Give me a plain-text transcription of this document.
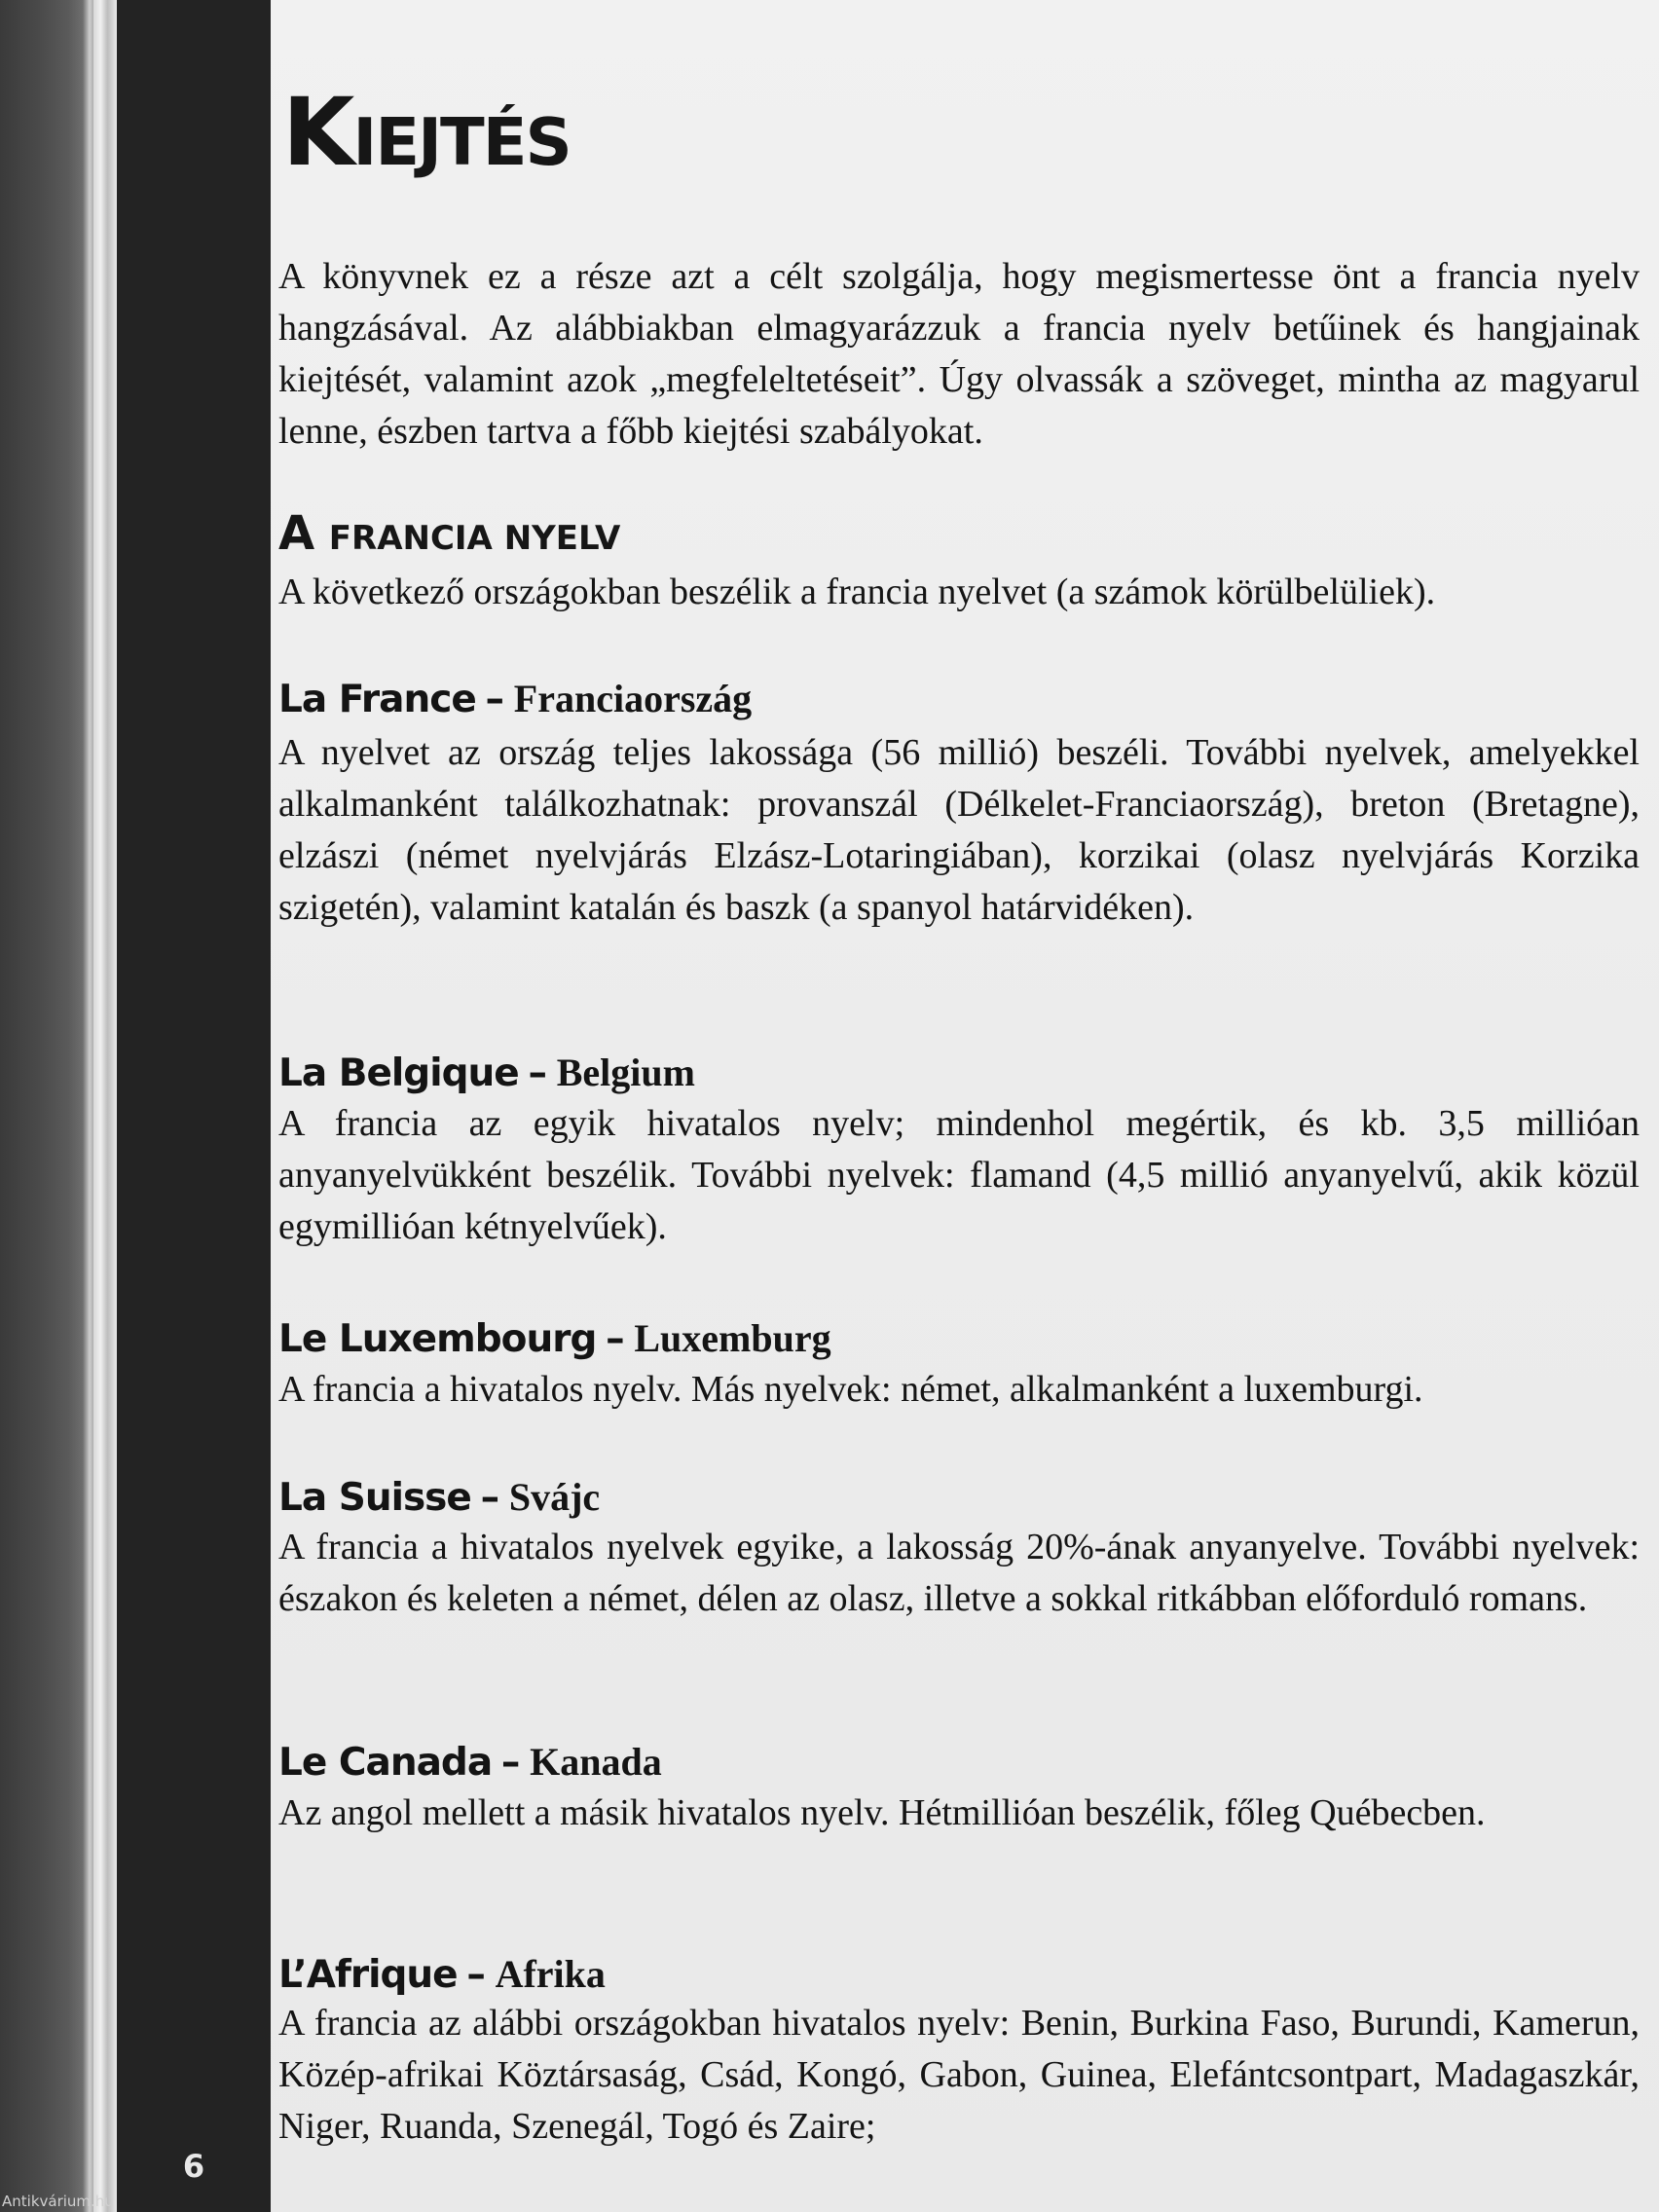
6
Antikvárium.hu
Kiejtés

A könyvnek ez a része azt a célt szolgálja, hogy megismertesse önt a francia nyelv hangzásával. Az alábbiakban elmagyarázzuk a francia nyelv betűinek és hangjainak kiejtését, valamint azok „megfeleltetéseit”. Úgy olvassák a szöveget, mintha az magyarul lenne, észben tartva a főbb kiejtési szabályokat.

A FRANCIA NYELV

A következő országokban beszélik a francia nyelvet (a számok körülbelüliek).

La France – Franciaország

A nyelvet az ország teljes lakossága (56 millió) beszéli. További nyelvek, amelyekkel alkalmanként találkozhatnak: provanszál (Délkelet-Franciaország), breton (Bretagne), elzászi (német nyelvjárás Elzász-Lotaringiában), korzikai (olasz nyelvjárás Korzika szigetén), valamint katalán és baszk (a spanyol határvidéken).

La Belgique – Belgium

A francia az egyik hivatalos nyelv; mindenhol megértik, és kb. 3,5 millióan anyanyelvükként beszélik. További nyelvek: flamand (4,5 millió anyanyelvű, akik közül egymillióan kétnyelvűek).

Le Luxembourg – Luxemburg

A francia a hivatalos nyelv. Más nyelvek: német, alkalmanként a luxemburgi.

La Suisse – Svájc

A francia a hivatalos nyelvek egyike, a lakosság 20%-ának anyanyelve. További nyelvek: északon és keleten a német, délen az olasz, illetve a sokkal ritkábban előforduló romans.

Le Canada – Kanada

Az angol mellett a másik hivatalos nyelv. Hétmillióan beszélik, főleg Québecben.

L’Afrique – Afrika

A francia az alábbi országokban hivatalos nyelv: Benin, Burkina Faso, Burundi, Kamerun, Közép-afrikai Köztársaság, Csád, Kongó, Gabon, Guinea, Elefántcsontpart, Madagaszkár, Niger, Ruanda, Szenegál, Togó és Zaire;
